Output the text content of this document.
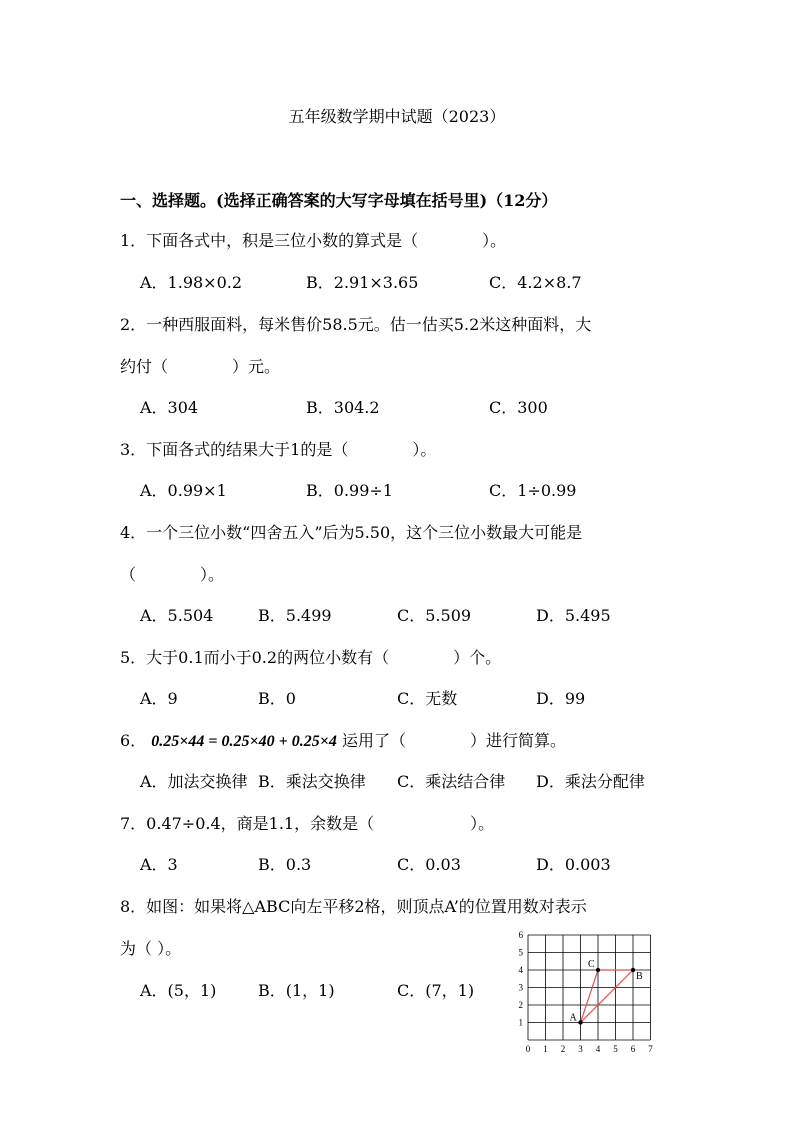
五年级数学期中试题（2023）
一、选择题。(选择正确答案的大写字母填在括号里)（12分）
1．下面各式中，积是三位小数的算式是（　　　　）。
A．1.98×0.2	B．2.91×3.65	C．4.2×8.7
2．一种西服面料，每米售价58.5元。估一估买5.2米这种面料，大
约付（　　　　）元。
A．304	B．304.2	C．300
3．下面各式的结果大于1的是（　　　　）。
A．0.99×1	B．0.99÷1	C．1÷0.99
4．一个三位小数“四舍五入”后为5.50，这个三位小数最大可能是
（　　　　）。
A．5.504	B．5.499	C．5.509	D．5.495
5．大于0.1而小于0.2的两位小数有（　　　　）个。
A．9	B．0	C．无数	D．99
6． 0.25×44 = 0.25×40 + 0.25×4 运用了（　　　　）进行简算。
A．加法交换律 B．乘法交换律 C．乘法结合律 D．乘法分配律
7．0.47÷0.4，商是1.1，余数是（　　　　　　）。
A．3	B．0.3	C．0.03	D．0.003
8．如图：如果将△ABC向左平移2格，则顶点A’的位置用数对表示
为（ ）。
A．(5，1)	B．(1，1)	C．(7，1)
0 1 2 3 4 5 6 7
1
2
3
4
5
6
A
B
C
